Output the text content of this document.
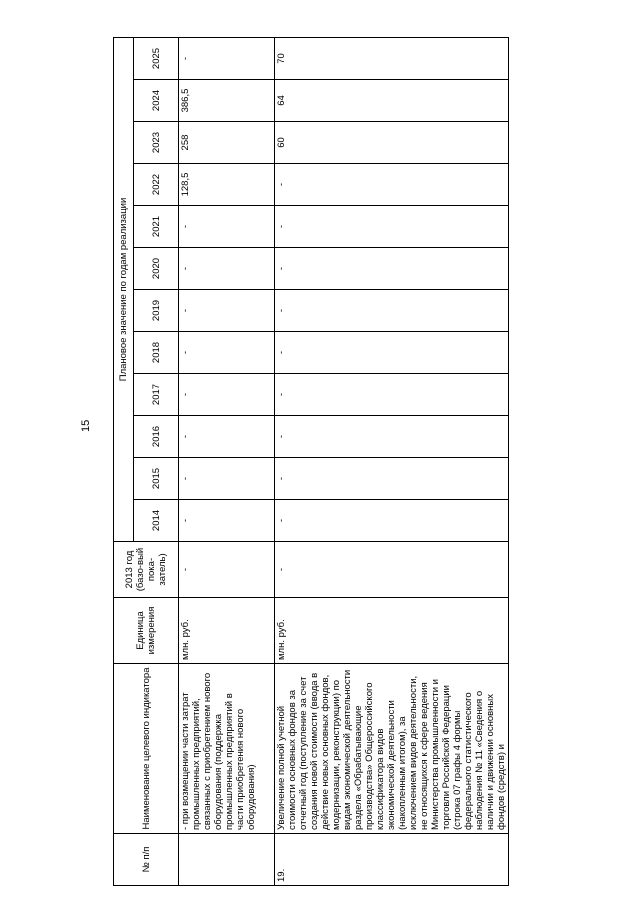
15
№ п/п	Наименование целевого индикатора	Единица измерения	2013 год (базо-вый пока-затель)	Плановое значение по годам реализации											
				2014	2015	2016	2017	2018	2019	2020	2021	2022	2023	2024	2025
	- при возмещении части затрат промышленных предприятий, связанных с приобретением нового оборудования (поддержка промышленных предприятий в части приобретения нового оборудования)	млн. руб.	-	-	-	-	-	-	-	-	-	128,5	258	386,5	-
19.	Увеличение полной учетной стоимости основных фондов за отчетный год (поступление за счет создания новой стоимости (ввода в действие новых основных фондов, модернизации, реконструкции) по видам экономической деятельности раздела «Обрабатывающие производства» Общероссийского классификатора видов экономической деятельности (накопленным итогом), за исключением видов деятельности, не относящихся к сфере ведения Министерства промышленности и торговли Российской Федерации (строка 07 графы 4 формы федерального статистического наблюдения № 11 «Сведения о наличии и движении основных фондов (средств) и	млн. руб.	-	-	-	-	-	-	-	-	-	-	60	64	70
